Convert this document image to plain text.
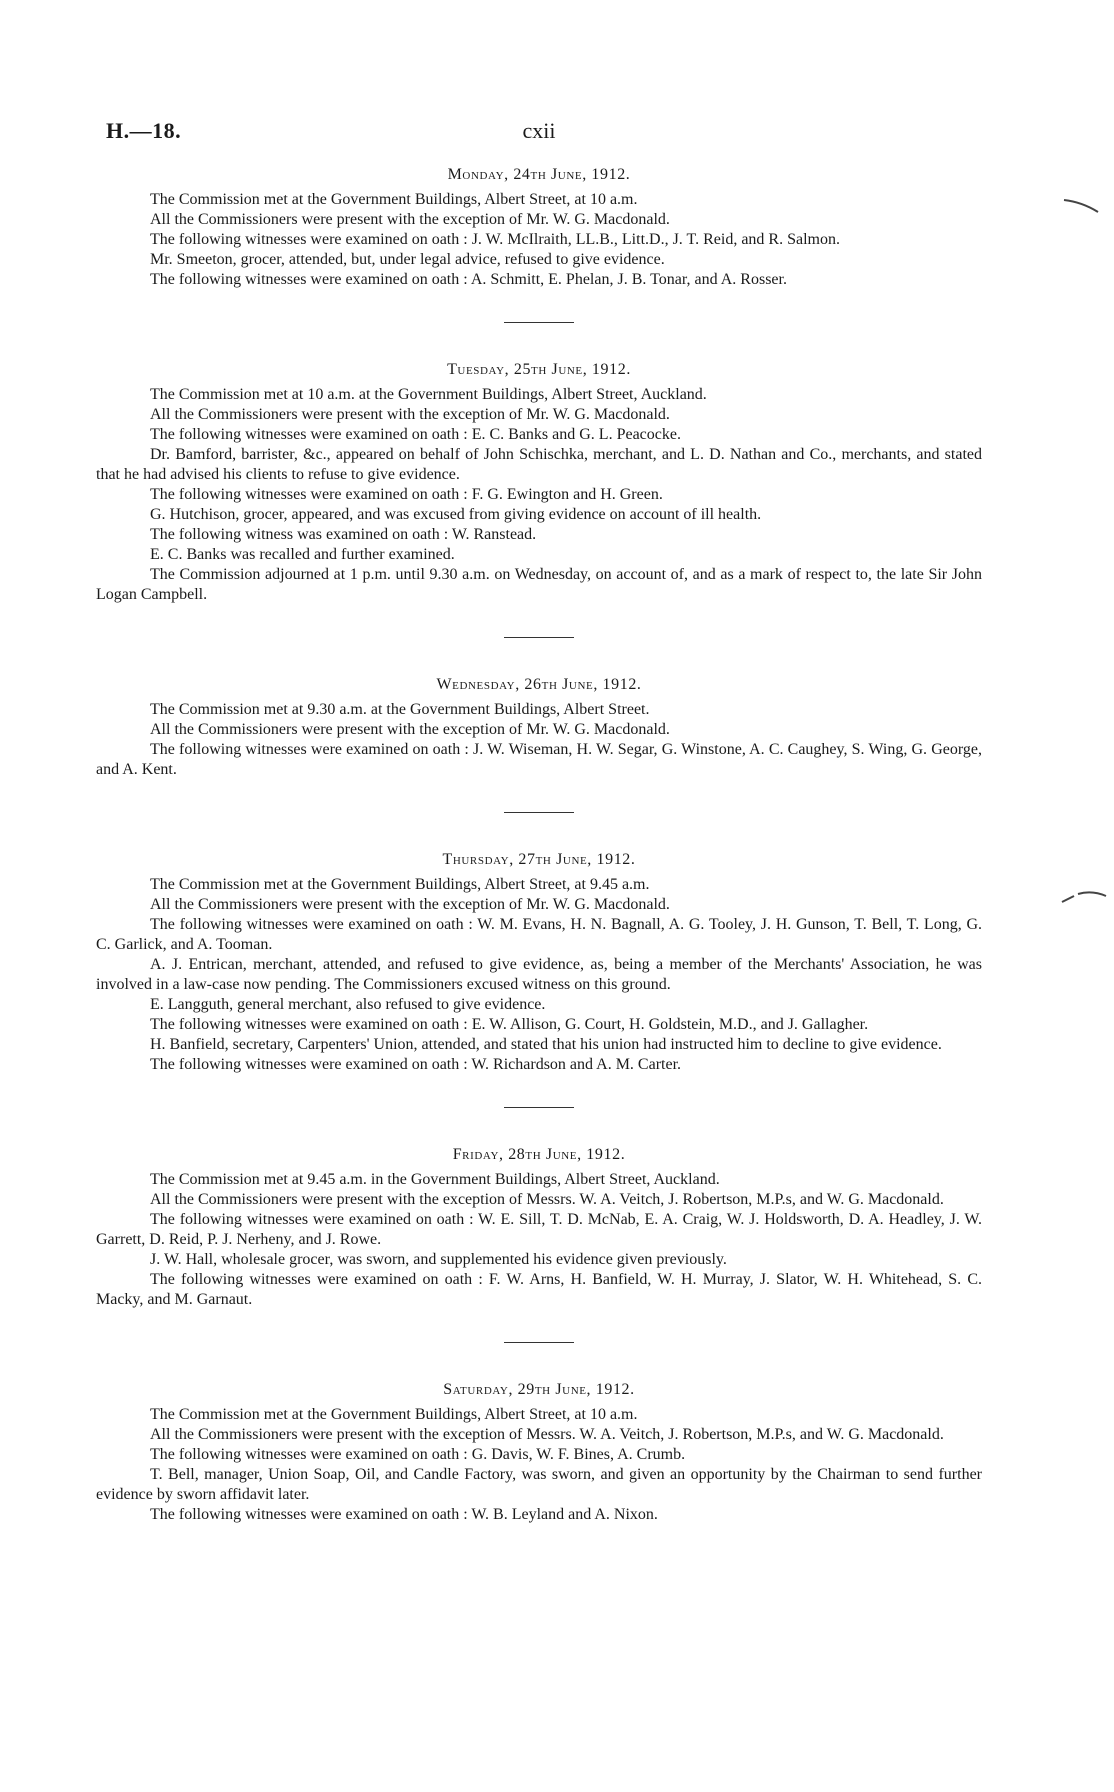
H.—18.	cxii

Monday, 24th June, 1912.

The Commission met at the Government Buildings, Albert Street, at 10 a.m.

All the Commissioners were present with the exception of Mr. W. G. Macdonald.

The following witnesses were examined on oath : J. W. McIlraith, LL.B., Litt.D., J. T. Reid, and R. Salmon.

Mr. Smeeton, grocer, attended, but, under legal advice, refused to give evidence.

The following witnesses were examined on oath : A. Schmitt, E. Phelan, J. B. Tonar, and A. Rosser.

Tuesday, 25th June, 1912.

The Commission met at 10 a.m. at the Government Buildings, Albert Street, Auckland.

All the Commissioners were present with the exception of Mr. W. G. Macdonald.

The following witnesses were examined on oath : E. C. Banks and G. L. Peacocke.

Dr. Bamford, barrister, &c., appeared on behalf of John Schischka, merchant, and L. D. Nathan and Co., merchants, and stated that he had advised his clients to refuse to give evidence.

The following witnesses were examined on oath : F. G. Ewington and H. Green.

G. Hutchison, grocer, appeared, and was excused from giving evidence on account of ill health.

The following witness was examined on oath : W. Ranstead.

E. C. Banks was recalled and further examined.

The Commission adjourned at 1 p.m. until 9.30 a.m. on Wednesday, on account of, and as a mark of respect to, the late Sir John Logan Campbell.

Wednesday, 26th June, 1912.

The Commission met at 9.30 a.m. at the Government Buildings, Albert Street.

All the Commissioners were present with the exception of Mr. W. G. Macdonald.

The following witnesses were examined on oath : J. W. Wiseman, H. W. Segar, G. Winstone, A. C. Caughey, S. Wing, G. George, and A. Kent.

Thursday, 27th June, 1912.

The Commission met at the Government Buildings, Albert Street, at 9.45 a.m.

All the Commissioners were present with the exception of Mr. W. G. Macdonald.

The following witnesses were examined on oath : W. M. Evans, H. N. Bagnall, A. G. Tooley, J. H. Gunson, T. Bell, T. Long, G. C. Garlick, and A. Tooman.

A. J. Entrican, merchant, attended, and refused to give evidence, as, being a member of the Merchants' Association, he was involved in a law-case now pending. The Commissioners excused witness on this ground.

E. Langguth, general merchant, also refused to give evidence.

The following witnesses were examined on oath : E. W. Allison, G. Court, H. Goldstein, M.D., and J. Gallagher.

H. Banfield, secretary, Carpenters' Union, attended, and stated that his union had instructed him to decline to give evidence.

The following witnesses were examined on oath : W. Richardson and A. M. Carter.

Friday, 28th June, 1912.

The Commission met at 9.45 a.m. in the Government Buildings, Albert Street, Auckland.

All the Commissioners were present with the exception of Messrs. W. A. Veitch, J. Robertson, M.P.s, and W. G. Macdonald.

The following witnesses were examined on oath : W. E. Sill, T. D. McNab, E. A. Craig, W. J. Holdsworth, D. A. Headley, J. W. Garrett, D. Reid, P. J. Nerheny, and J. Rowe.

J. W. Hall, wholesale grocer, was sworn, and supplemented his evidence given previously.

The following witnesses were examined on oath : F. W. Arns, H. Banfield, W. H. Murray, J. Slator, W. H. Whitehead, S. C. Macky, and M. Garnaut.

Saturday, 29th June, 1912.

The Commission met at the Government Buildings, Albert Street, at 10 a.m.

All the Commissioners were present with the exception of Messrs. W. A. Veitch, J. Robertson, M.P.s, and W. G. Macdonald.

The following witnesses were examined on oath : G. Davis, W. F. Bines, A. Crumb.

T. Bell, manager, Union Soap, Oil, and Candle Factory, was sworn, and given an opportunity by the Chairman to send further evidence by sworn affidavit later.

The following witnesses were examined on oath : W. B. Leyland and A. Nixon.
